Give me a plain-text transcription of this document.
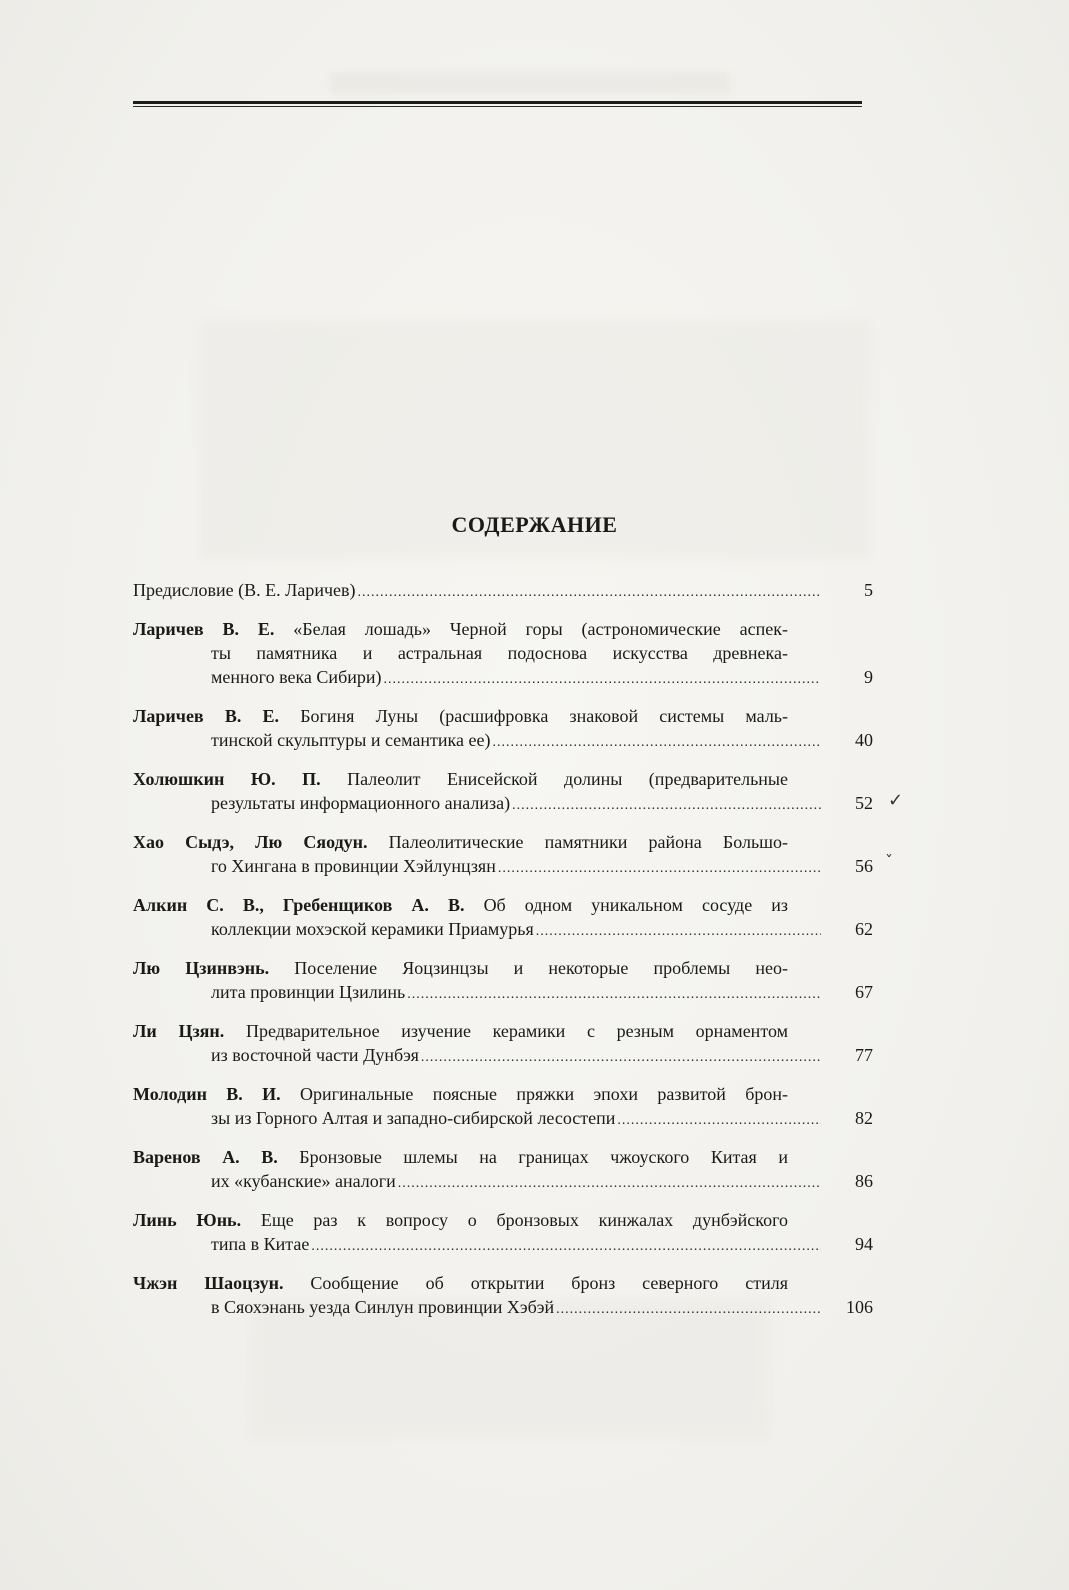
СОДЕРЖАНИЕ
Предисловие (В. Е. Ларичев) .....	5
Ларичев В. Е. «Белая лошадь» Черной горы (астрономические аспек-
ты памятника и астральная подоснова искусства древнека-
менного века Сибири) .....	9
Ларичев В. Е. Богиня Луны (расшифровка знаковой системы маль-
тинской скульптуры и семантика ее) .....	40
Холюшкин Ю. П. Палеолит Енисейской долины (предварительные
результаты информационного анализа) .....	52 ✓
Хао Сыдэ, Лю Сяодун. Палеолитические памятники района Большо-
го Хингана в провинции Хэйлунцзян .....	56 ˇ
Алкин С. В., Гребенщиков А. В. Об одном уникальном сосуде из
коллекции мохэской керамики Приамурья .....	62
Лю Цзинвэнь. Поселение Яоцзинцзы и некоторые проблемы нео-
лита провинции Цзилинь .....	67
Ли Цзян. Предварительное изучение керамики с резным орнаментом
из восточной части Дунбэя .....	77
Молодин В. И. Оригинальные поясные пряжки эпохи развитой брон-
зы из Горного Алтая и западно-сибирской лесостепи .....	82
Варенов А. В. Бронзовые шлемы на границах чжоуского Китая и
их «кубанские» аналоги .....	86
Линь Юнь. Еще раз к вопросу о бронзовых кинжалах дунбэйского
типа в Китае .....	94
Чжэн Шаоцзун. Сообщение об открытии бронз северного стиля
в Сяохэнань уезда Синлун провинции Хэбэй .....	106
